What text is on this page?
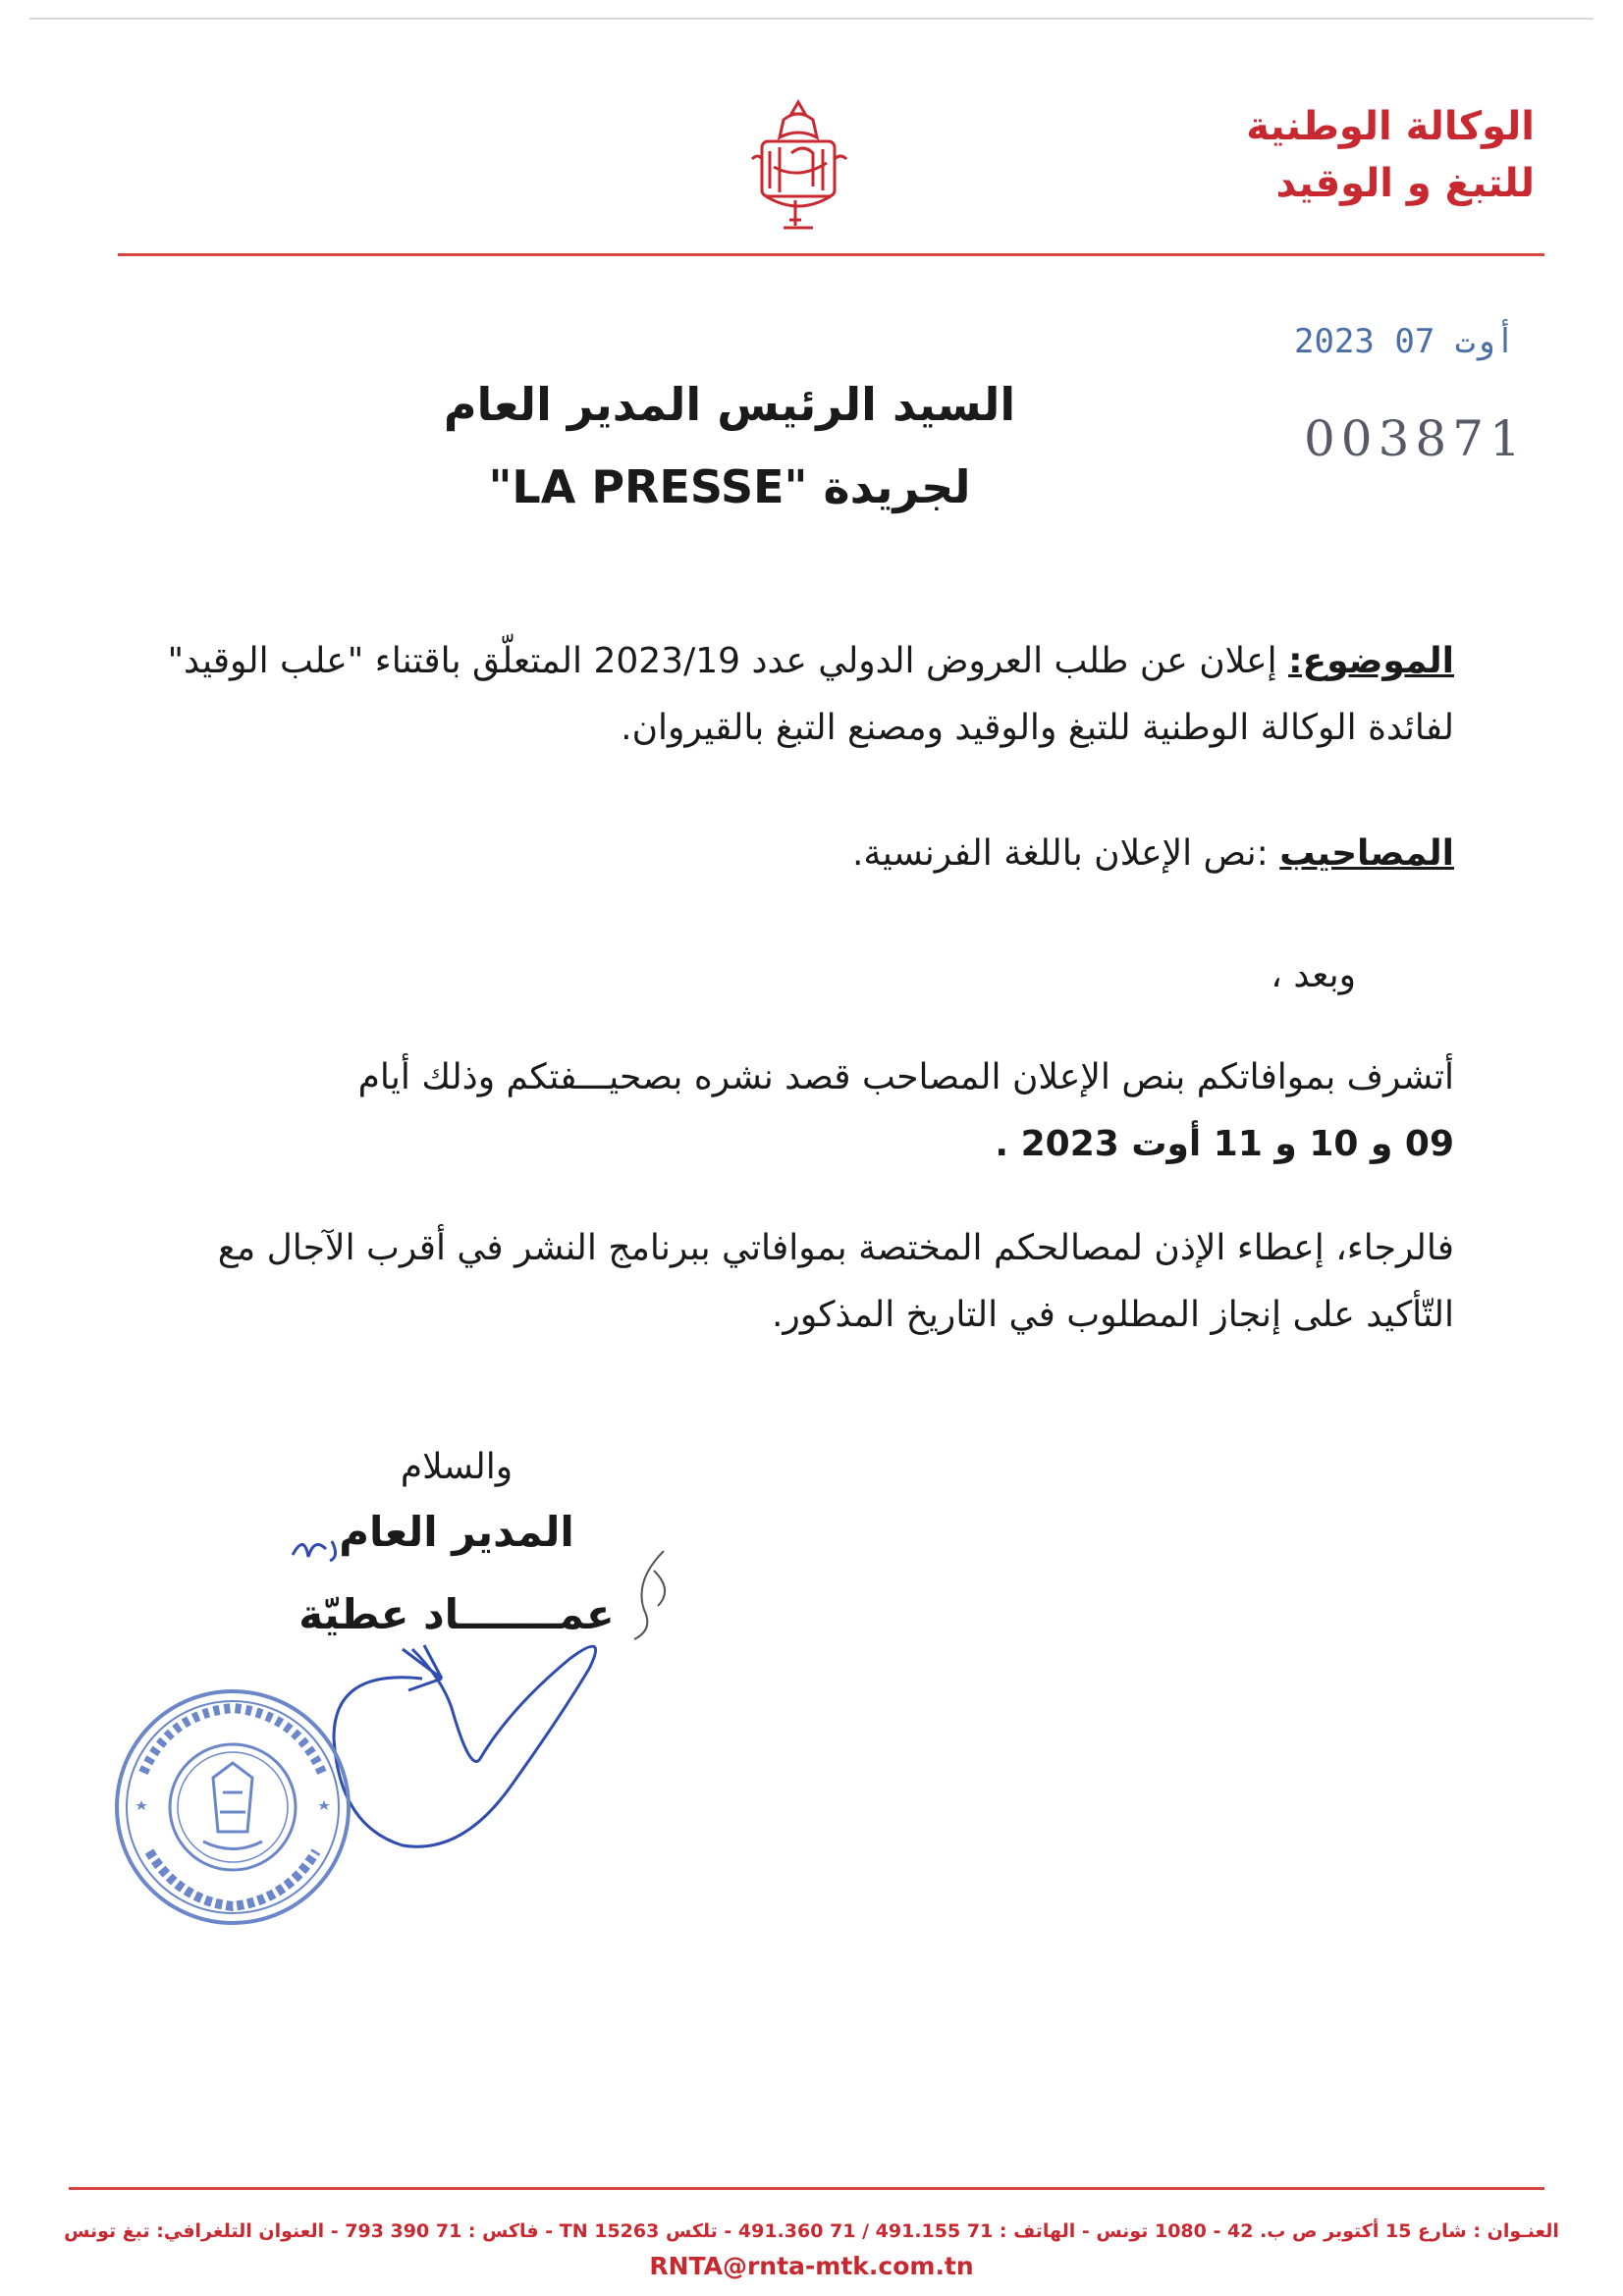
الوكالة الوطنية
للتبغ و الوقيد
2023 أوت 07
003871
السيد الرئيس المدير العام
لجريدة "LA PRESSE"
الموضوع: إعلان عن طلب العروض الدولي عدد 2023/19 المتعلّق باقتناء "علب الوقيد" لفائدة الوكالة الوطنية للتبغ والوقيد ومصنع التبغ بالقيروان.
المصاحيب :نص الإعلان باللغة الفرنسية.
وبعد ،
أتشرف بموافاتكم بنص الإعلان المصاحب قصد نشره بصحيـــفتكم وذلك أيام
09 و 10 و 11 أوت 2023 .
فالرجاء، إعطاء الإذن لمصالحكم المختصة بموافاتي ببرنامج النشر في أقرب الآجال مع التّأكيد على إنجاز المطلوب في التاريخ المذكور.
والسلام
المدير العام
عمـــــــاد عطيّة
العنـوان : شارع 15 أكتوبر ص ب. 42 - 1080 تونس - الهاتف : 71 491.155 / 71 491.360 - تلكس 15263 TN - فاكس : 71 390 793 - العنوان التلغرافي: تبغ تونس
RNTA@rnta-mtk.com.tn
